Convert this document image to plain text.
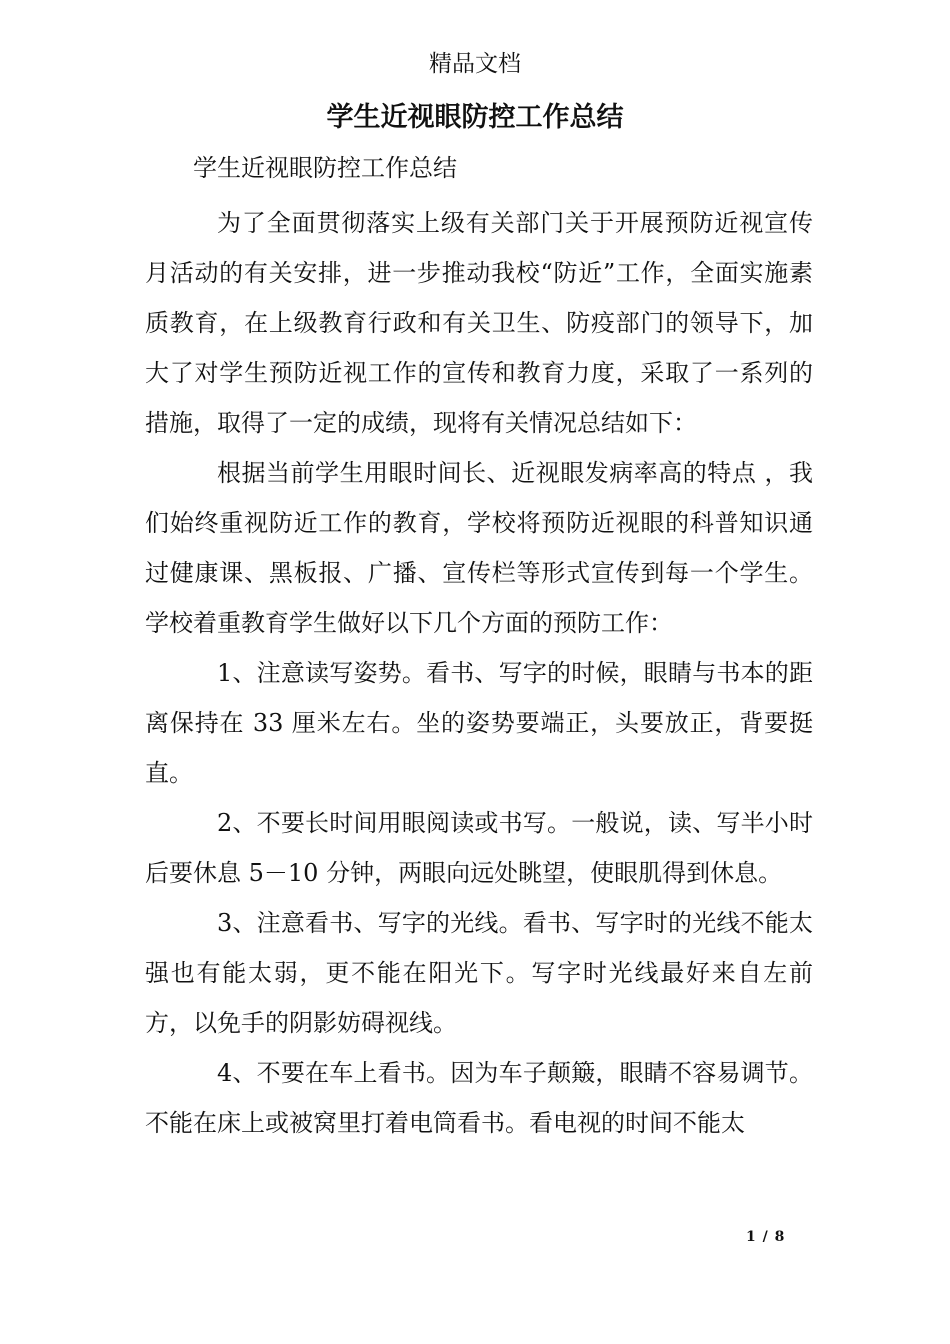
精品文档
学生近视眼防控工作总结

学生近视眼防控工作总结

为了全面贯彻落实上级有关部门关于开展预防近视宣传月活动的有关安排，进一步推动我校“防近”工作，全面实施素质教育，在上级教育行政和有关卫生、防疫部门的领导下，加大了对学生预防近视工作的宣传和教育力度，采取了一系列的措施，取得了一定的成绩，现将有关情况总结如下：

根据当前学生用眼时间长、近视眼发病率高的特点 ，我们始终重视防近工作的教育，学校将预防近视眼的科普知识通过健康课、黑板报、广播、宣传栏等形式宣传到每一个学生。学校着重教育学生做好以下几个方面的预防工作：

1、注意读写姿势。看书、写字的时候，眼睛与书本的距离保持在 33 厘米左右。坐的姿势要端正，头要放正，背要挺直。

2、不要长时间用眼阅读或书写。一般说，读、写半小时后要休息 5－10 分钟，两眼向远处眺望，使眼肌得到休息。

3、注意看书、写字的光线。看书、写字时的光线不能太强也有能太弱，更不能在阳光下。写字时光线最好来自左前方，以免手的阴影妨碍视线。

4、不要在车上看书。因为车子颠簸，眼睛不容易调节。不能在床上或被窝里打着电筒看书。看电视的时间不能太

1 / 8
